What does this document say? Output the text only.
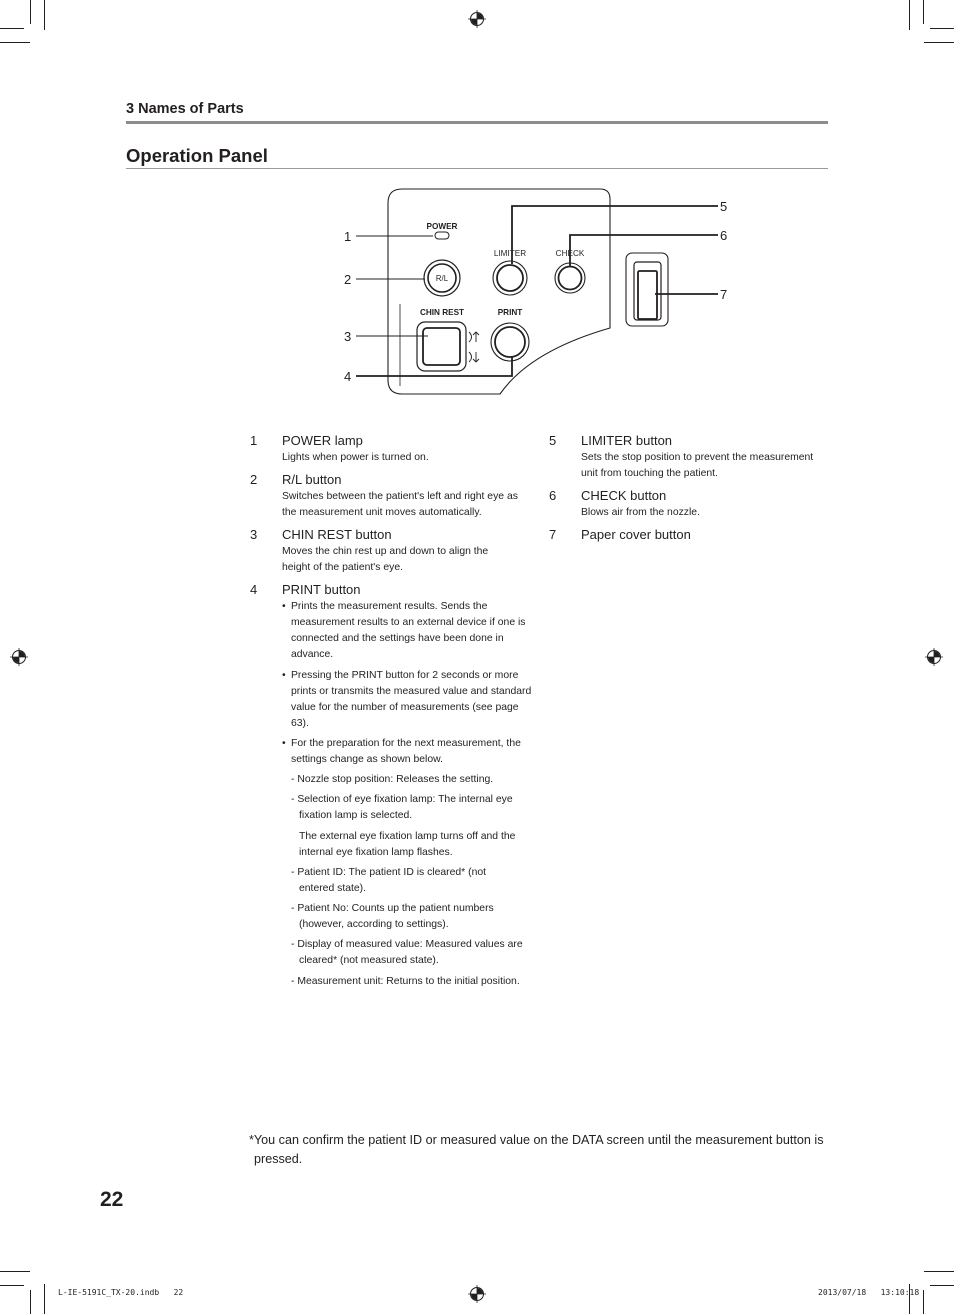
3 Names of Parts
Operation Panel
POWER
R/L
LIMITER	CHECK
CHIN REST	PRINT
1
2
3
4
5
6
7
1 POWER lamp
Lights when power is turned on.
2 R/L button
Switches between the patient's left and right eye as the measurement unit moves automatically.
3 CHIN REST button
Moves the chin rest up and down to align the height of the patient's eye.
4 PRINT button
• Prints the measurement results. Sends the measurement results to an external device if one is connected and the settings have been done in advance.
• Pressing the PRINT button for 2 seconds or more prints or transmits the measured value and standard value for the number of measurements (see page 63).
• For the preparation for the next measurement, the settings change as shown below.
- Nozzle stop position: Releases the setting.
- Selection of eye fixation lamp: The internal eye fixation lamp is selected.
The external eye fixation lamp turns off and the internal eye fixation lamp flashes.
- Patient ID: The patient ID is cleared* (not entered state).
- Patient No: Counts up the patient numbers (however, according to settings).
- Display of measured value: Measured values are cleared* (not measured state).
- Measurement unit: Returns to the initial position.
5 LIMITER button
Sets the stop position to prevent the measurement unit from touching the patient.
6 CHECK button
Blows air from the nozzle.
7 Paper cover button
*You can confirm the patient ID or measured value on the DATA screen until the measurement button is pressed.
22
L-IE-5191C_TX-20.indb   22	2013/07/18   13:10:18
